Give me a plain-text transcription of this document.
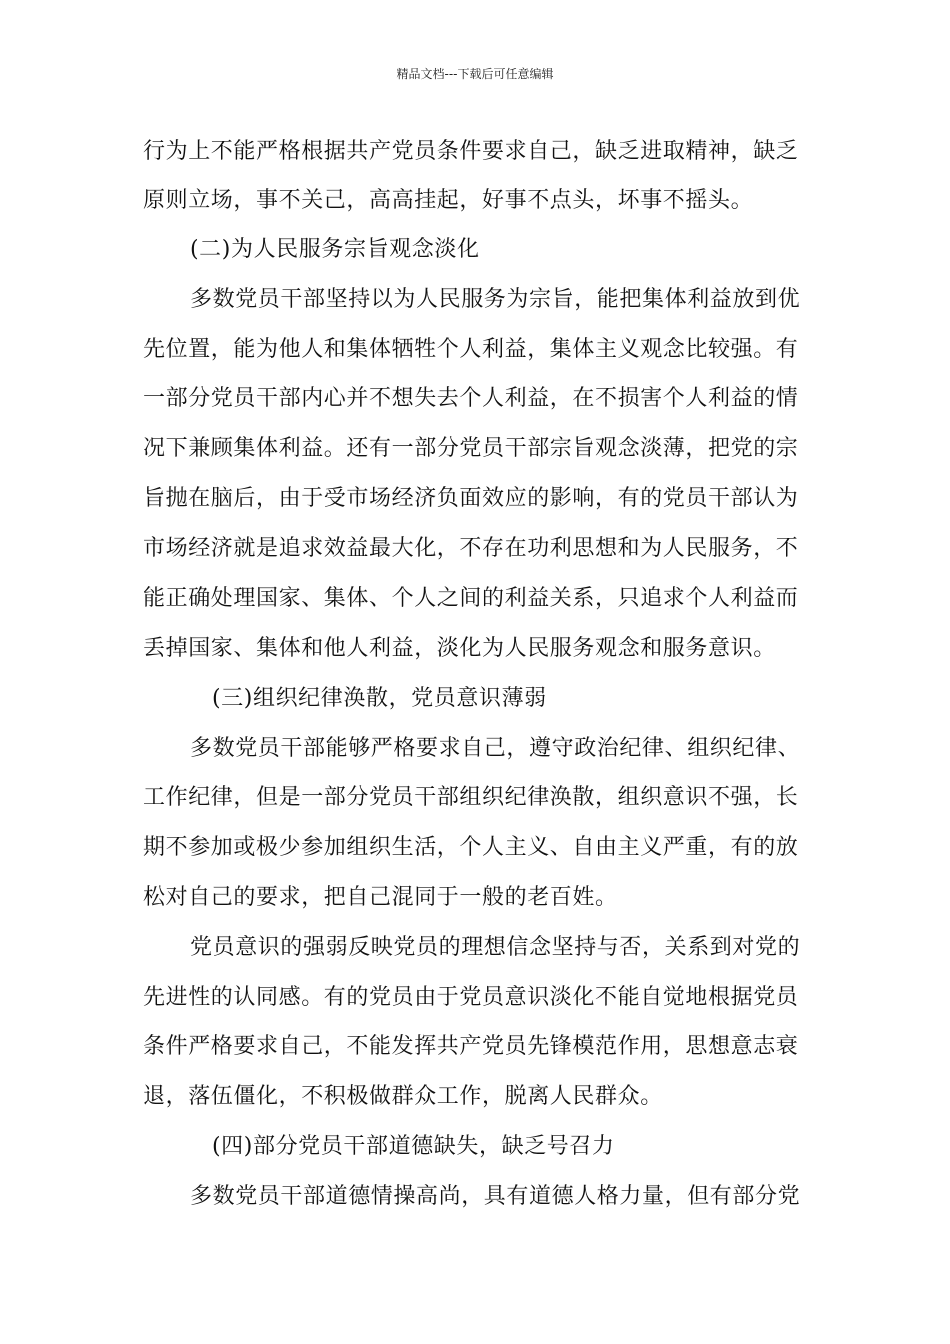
精品文档---下载后可任意编辑
行为上不能严格根据共产党员条件要求自己，缺乏进取精神，缺乏
原则立场，事不关己，高高挂起，好事不点头，坏事不摇头。
(二)为人民服务宗旨观念淡化
多数党员干部坚持以为人民服务为宗旨，能把集体利益放到优
先位置，能为他人和集体牺牲个人利益，集体主义观念比较强。有
一部分党员干部内心并不想失去个人利益，在不损害个人利益的情
况下兼顾集体利益。还有一部分党员干部宗旨观念淡薄，把党的宗
旨抛在脑后，由于受市场经济负面效应的影响，有的党员干部认为
市场经济就是追求效益最大化，不存在功利思想和为人民服务，不
能正确处理国家、集体、个人之间的利益关系，只追求个人利益而
丢掉国家、集体和他人利益，淡化为人民服务观念和服务意识。
(三)组织纪律涣散，党员意识薄弱
多数党员干部能够严格要求自己，遵守政治纪律、组织纪律、
工作纪律，但是一部分党员干部组织纪律涣散，组织意识不强，长
期不参加或极少参加组织生活，个人主义、自由主义严重，有的放
松对自己的要求，把自己混同于一般的老百姓。
党员意识的强弱反映党员的理想信念坚持与否，关系到对党的
先进性的认同感。有的党员由于党员意识淡化不能自觉地根据党员
条件严格要求自己，不能发挥共产党员先锋模范作用，思想意志衰
退，落伍僵化，不积极做群众工作，脱离人民群众。
(四)部分党员干部道德缺失，缺乏号召力
多数党员干部道德情操高尚，具有道德人格力量，但有部分党
